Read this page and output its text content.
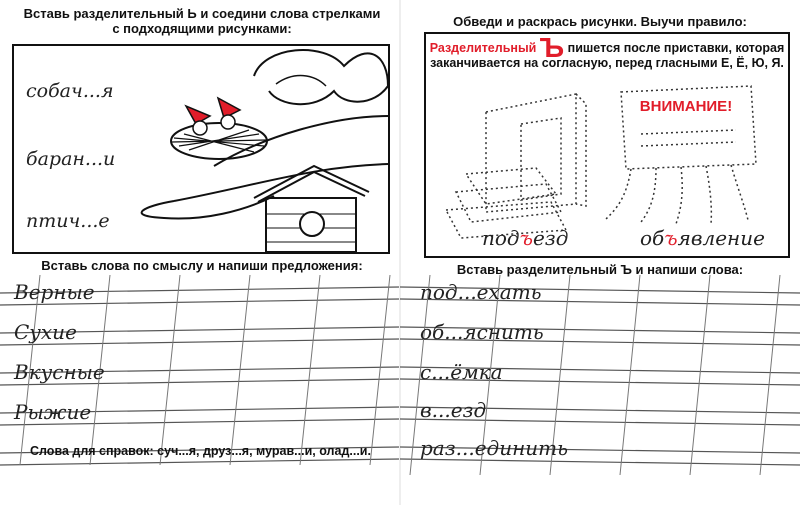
Вставь разделительный Ь и соедини слова стрелками
с подходящими рисунками:
собач...я
баран...и
птич...е
Вставь слова по смыслу и напиши предложения:
Верные
Сухие
Вкусные
Рыжие
Слова для справок: суч...я, друз...я, мурав...и, олад...и.
Обведи и раскрась рисунки. Выучи правило:
Разделительный Ъ пишется после приставки, которая
заканчивается на согласную, перед гласными Е, Ё, Ю, Я.
ВНИМАНИЕ!
подъезд	объявление
Вставь разделительный Ъ и напиши слова:
под...ехать
об...яснить
с...ёмка
в...езд
раз...единить
